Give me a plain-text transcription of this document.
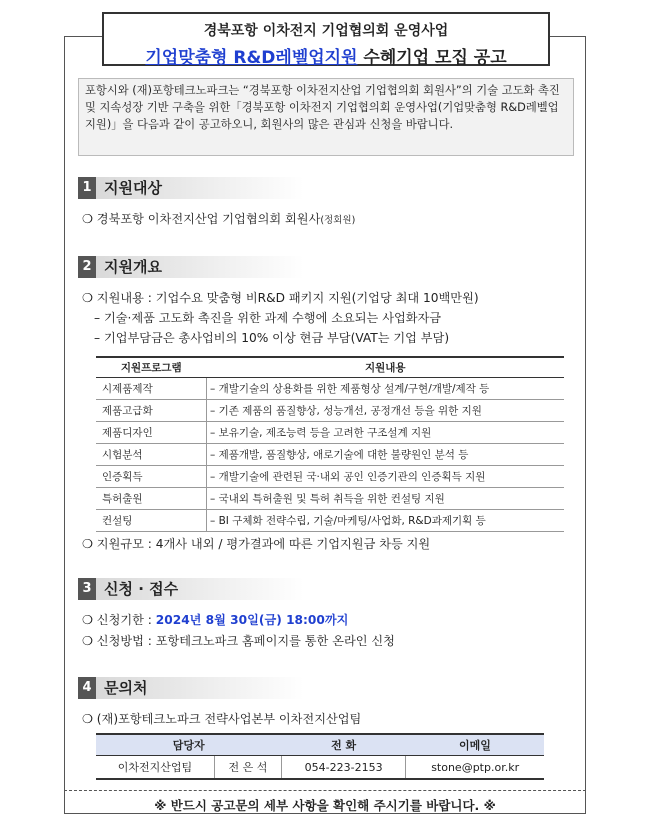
경북포항 이차전지 기업협의회 운영사업
기업맞춤형 R&D레벨업지원 수혜기업 모집 공고
포항시와 (재)포항테크노파크는 “경북포항 이차전지산업 기업협의회 회원사”의 기술 고도화 촉진 및 지속성장 기반 구축을 위한「경북포항 이차전지 기업협의회 운영사업(기업맞춤형 R&D레벨업지원)」을 다음과 같이 공고하오니, 회원사의 많은 관심과 신청을 바랍니다.
1 지원대상
❍ 경북포항 이차전지산업 기업협의회 회원사(정회원)
2 지원개요
❍ 지원내용 : 기업수요 맞춤형 비R&D 패키지 지원(기업당 최대 10백만원)
– 기술·제품 고도화 촉진을 위한 과제 수행에 소요되는 사업화자금
– 기업부담금은 총사업비의 10% 이상 현금 부담(VAT는 기업 부담)
지원프로그램	지원내용
시제품제작	– 개발기술의 상용화를 위한 제품형상 설계/구현/개발/제작 등
제품고급화	– 기존 제품의 품질향상, 성능개선, 공정개선 등을 위한 지원
제품디자인	– 보유기술, 제조능력 등을 고려한 구조설계 지원
시험분석	– 제품개발, 품질향상, 애로기술에 대한 불량원인 분석 등
인증획득	– 개발기술에 관련된 국·내외 공인 인증기관의 인증획득 지원
특허출원	– 국내외 특허출원 및 특허 취득을 위한 컨설팅 지원
컨설팅	– BI 구체화 전략수립, 기술/마케팅/사업화, R&D과제기획 등
❍ 지원규모 : 4개사 내외 / 평가결과에 따른 기업지원금 차등 지원
3 신청 · 접수
❍ 신청기한 : 2024년 8월 30일(금) 18:00까지
❍ 신청방법 : 포항테크노파크 홈페이지를 통한 온라인 신청
4 문의처
❍ (재)포항테크노파크 전략사업본부 이차전지산업팀
담당자		전 화	이메일
이차전지산업팀	전 은 석	054-223-2153	stone@ptp.or.kr
※ 반드시 공고문의 세부 사항을 확인해 주시기를 바랍니다. ※
